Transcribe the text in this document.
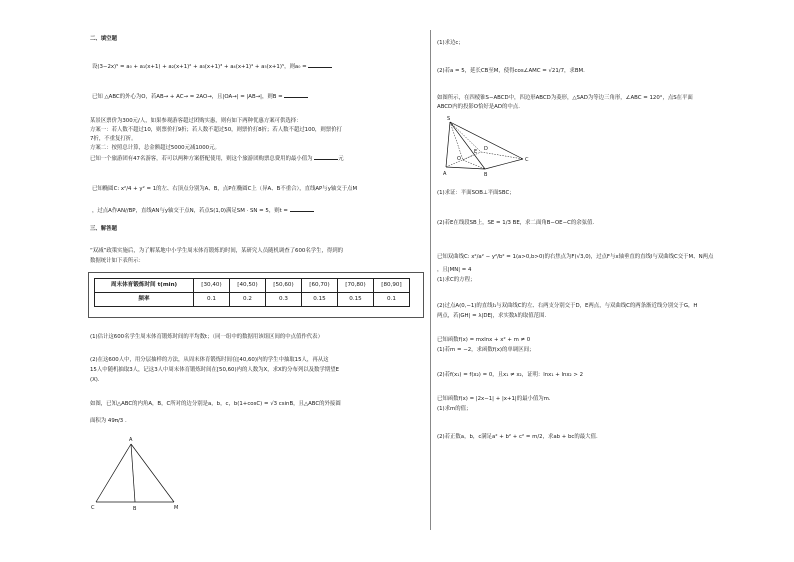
二、填空题
设(3−2x)⁵ = a₀ + a₁(x+1) + a₂(x+1)² + a₃(x+1)³ + a₄(x+1)⁴ + a₅(x+1)⁵，则a₀ =
已知 △ABC的外心为O，若AB→ + AC→ = 2AO→，且|OA→| = |AB→|，则B =
某景区票价为300元/人，如果参观游客超过团购实惠，则有如下两种优惠方案可供选择：
方案一：若人数不超过10，则票价打9折；若人数不超过50，则票价打8折；若人数不超过100，则票价打
7折，不重复打折。
方案二：按照总计算，总金额超过5000元减1000元。
已知一个旅游团有47名游客，若可以两种方案搭配使用，则这个旅游团购票总费用的最小值为	元
已知椭圆C: x²/4 + y² = 1的左、右顶点分别为A、B，点P在椭圆C上（异A、B不重合），直线AP与y轴交于点M
，过点A作AN//BP，直线AN与y轴交于点N，若点S(1,0)满足SM · SN = 5，则t =
三、解答题
“双减”政策实施后，为了解某地中小学生周末体育锻炼的时间，某研究人员随机调查了600名学生，得到的
数据统计如下表所示：
周末体育锻炼时间 t(min)	[30,40)	[40,50)	[50,60)	[60,70)	[70,80)	[80,90]
频率	0.1	0.2	0.3	0.15	0.15	0.1
(1)估计这600名学生周末体育锻炼时间的平均数t；（同一组中的数据用该组区间的中点值作代表）
(2)在这600人中，用分层抽样的方法，从周末体育锻炼时间在[40,60)内的学生中抽取15人，再从这
15人中随机抽取3人，记这3人中周末体育锻炼时间在[50,60)内的人数为X，求X的分布列以及数学期望E
(X).
如图，已知△ABC的内角A，B，C所对的边分别是a，b，c，b(1+cosC) = √3 csinB，且△ABC的外接圆
面积为 49π/3 .
A
C	B	M
(1)求边c；
(2)若a = 5，延长CB至M，使得cos∠AMC = √21/7，求BM.
如图所示，在四棱锥S−ABCD中，四边形ABCD为菱形，△SAD为等边三角形，∠ABC = 120°，点S在平面
ABCD内的投影O恰好是AD的中点.
S
E D
O	C
A	B
(1)求证：平面SOB⊥平面SBC；
(2)若E在线段SB上，SE = 1/3 BE，求二面角B−OE−C的余弦值.
已知双曲线C: x²/a² − y²/b² = 1(a>0,b>0)的右焦点为F(√3,0)，过点F与x轴垂直的直线l与双曲线C交于M、N两点
，且|MN| = 4
(1)求C的方程；
(2)过点A(0,−1)的直线l₁与双曲线C的左、右两支分别交于D，E两点，与双曲线C的两条渐近线分别交于G，H
两点，若|GH| = λ|DE|，求实数λ的取值范围.
已知函数f(x) = mxlnx + x² + m ≠ 0
(1)若m = −2，求函数f(x)的单调区间；
(2)若f(x₁) = f(x₂) = 0，且x₁ ≠ x₂，证明：lnx₁ + lnx₂ > 2
已知函数f(x) = |2x−1| + |x+1|的最小值为m.
(1)求m的值；
(2)若正数a，b，c满足a² + b² + c² = m/2，求ab + bc的最大值.
